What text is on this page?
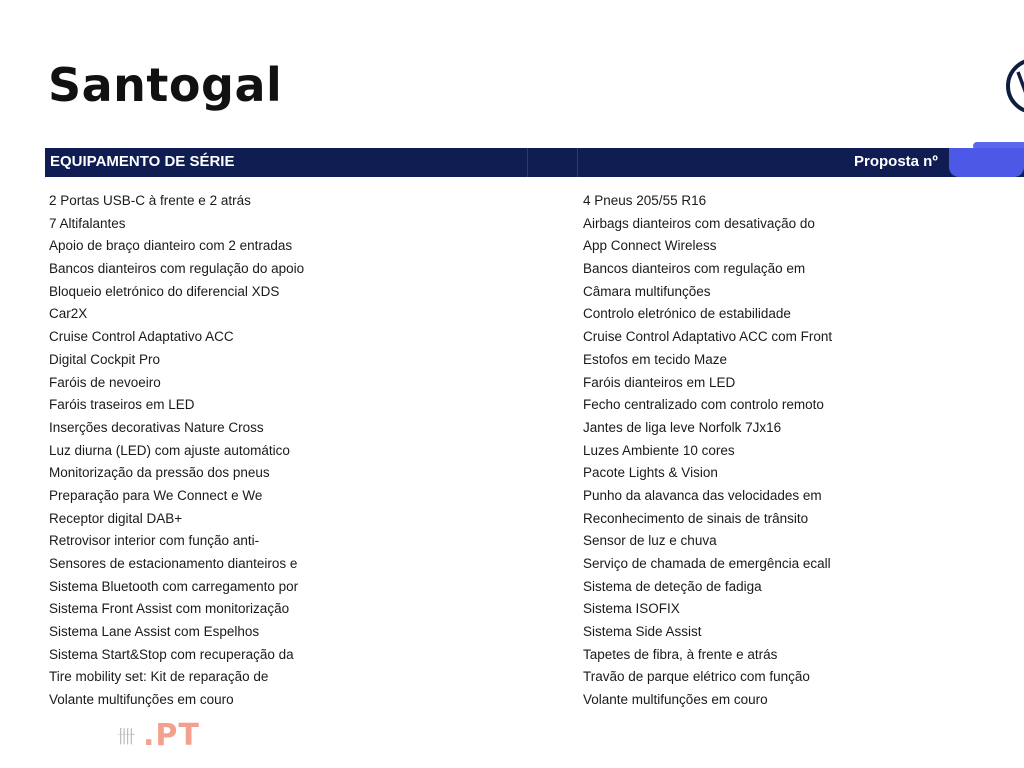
Santogal
EQUIPAMENTO DE SÉRIE	Proposta nº
2 Portas USB-C à frente e 2 atrás
7 Altifalantes
Apoio de braço dianteiro com 2 entradas
Bancos dianteiros com regulação do apoio
Bloqueio eletrónico do diferencial XDS
Car2X
Cruise Control Adaptativo ACC
Digital Cockpit Pro
Faróis de nevoeiro
Faróis traseiros em LED
Inserções decorativas Nature Cross
Luz diurna (LED) com ajuste automático
Monitorização da pressão dos pneus
Preparação para We Connect e We
Receptor digital DAB+
Retrovisor interior com função anti-
Sensores de estacionamento dianteiros e
Sistema Bluetooth com carregamento por
Sistema Front Assist com monitorização
Sistema Lane Assist com Espelhos
Sistema Start&Stop com recuperação da
Tire mobility set: Kit de reparação de
Volante multifunções em couro
4 Pneus 205/55 R16
Airbags dianteiros com desativação do
App Connect Wireless
Bancos dianteiros com regulação em
Câmara multifunções
Controlo eletrónico de estabilidade
Cruise Control Adaptativo ACC com Front
Estofos em tecido Maze
Faróis dianteiros em LED
Fecho centralizado com controlo remoto
Jantes de liga leve Norfolk 7Jx16
Luzes Ambiente 10 cores
Pacote Lights & Vision
Punho da alavanca das velocidades em
Reconhecimento de sinais de trânsito
Sensor de luz e chuva
Serviço de chamada de emergência ecall
Sistema de deteção de fadiga
Sistema ISOFIX
Sistema Side Assist
Tapetes de fibra, à frente e atrás
Travão de parque elétrico com função
Volante multifunções em couro
卌 .PT
